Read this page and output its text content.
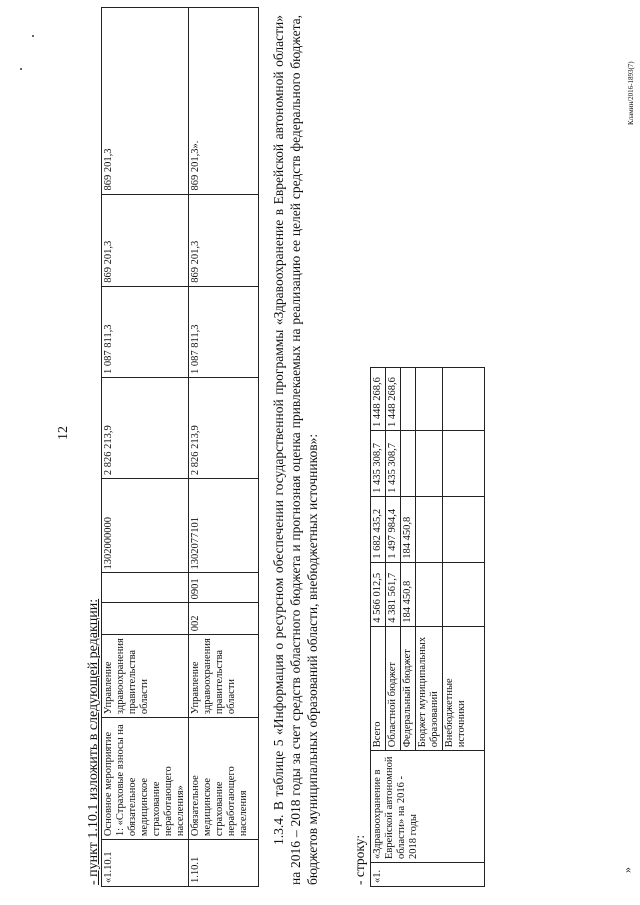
12
- пункт 1.10.1 изложить в следующей редакции: «1.10.1	Основное мероприятие 1: «Страховые взносы на обязательное медицинское страхование неработающего населения»	Управление здравоохранения правительства области			1302000000	2 826 213,9	1 087 811,3	869 201,3	869 201,3
1.10.1	Обязательное медицинское страхование неработающего населения	Управление здравоохранения правительства области	002	0901	1302077101	2 826 213,9	1 087 811,3	869 201,3	869 201,3».	1.3.4. В таблице 5 «Информация о ресурсном обеспечении государственной программы «Здравоохранение в Еврейской автономной области» на 2016 – 2018 годы за счет средств областного бюджета и прогнозная оценка привлекаемых на реализацию ее целей средств федерального бюджета, бюджетов муниципальных образований области, внебюджетных источников»: - строку: «1.	«Здравоохранение в Еврейской автономной области» на 2016 - 2018 годы	Всего	4 566 012,5	1 682 435,2	1 435 308,7	1 448 268,6
		Областной бюджет	4 381 561,7	1 497 984,4	1 435 308,7	1 448 268,6
		Федеральный бюджет	184 450,8	184 450,8		
		Бюджет муниципальных образований				
		Внебюджетные источники				
»
Кламин/2016-1893(7)
